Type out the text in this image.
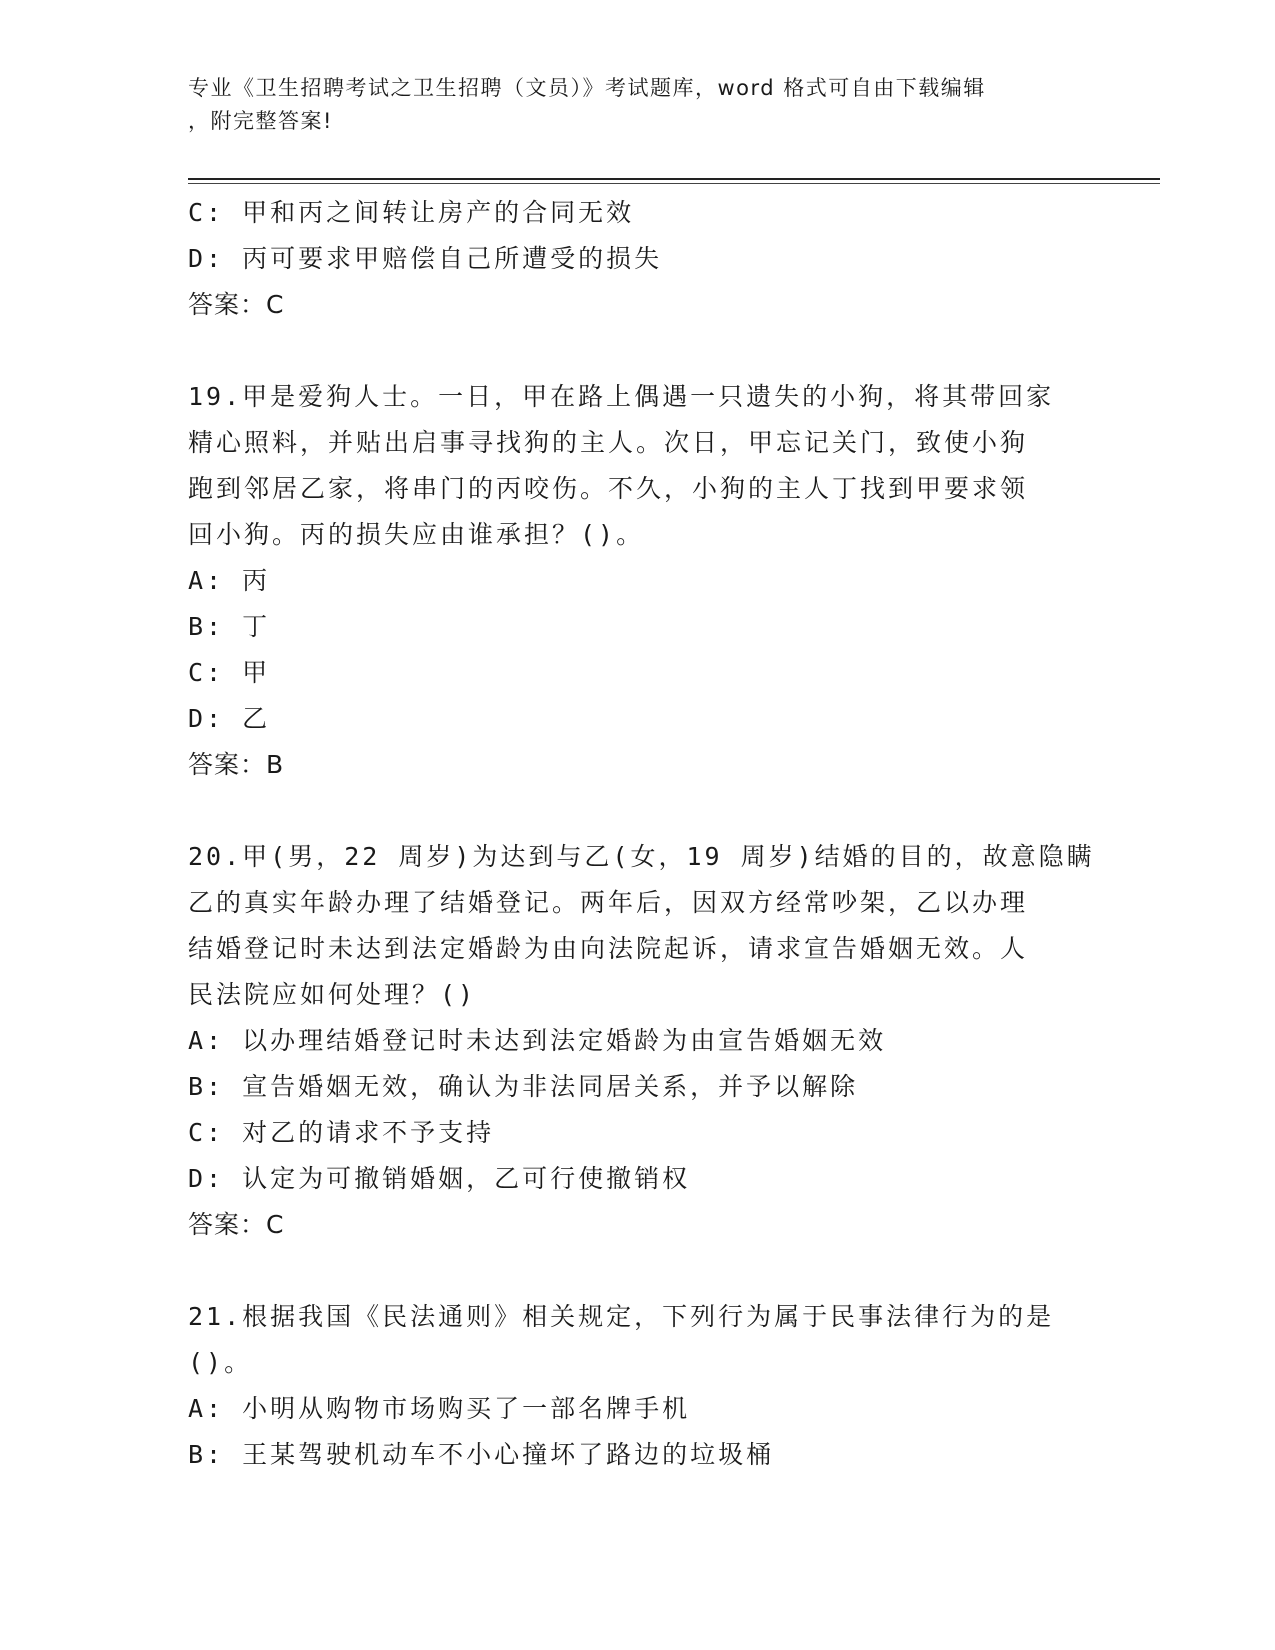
专业《卫生招聘考试之卫生招聘（文员）》考试题库，word 格式可自由下载编辑
，附完整答案!
C: 甲和丙之间转让房产的合同无效
D: 丙可要求甲赔偿自己所遭受的损失
答案：C
19.甲是爱狗人士。一日，甲在路上偶遇一只遗失的小狗，将其带回家
精心照料，并贴出启事寻找狗的主人。次日，甲忘记关门，致使小狗
跑到邻居乙家，将串门的丙咬伤。不久，小狗的主人丁找到甲要求领
回小狗。丙的损失应由谁承担？()。
A: 丙
B: 丁
C: 甲
D: 乙
答案：B
20.甲(男，22 周岁)为达到与乙(女，19 周岁)结婚的目的，故意隐瞒
乙的真实年龄办理了结婚登记。两年后，因双方经常吵架，乙以办理
结婚登记时未达到法定婚龄为由向法院起诉，请求宣告婚姻无效。人
民法院应如何处理？()
A: 以办理结婚登记时未达到法定婚龄为由宣告婚姻无效
B: 宣告婚姻无效，确认为非法同居关系，并予以解除
C: 对乙的请求不予支持
D: 认定为可撤销婚姻，乙可行使撤销权
答案：C
21.根据我国《民法通则》相关规定，下列行为属于民事法律行为的是
()。
A: 小明从购物市场购买了一部名牌手机
B: 王某驾驶机动车不小心撞坏了路边的垃圾桶
